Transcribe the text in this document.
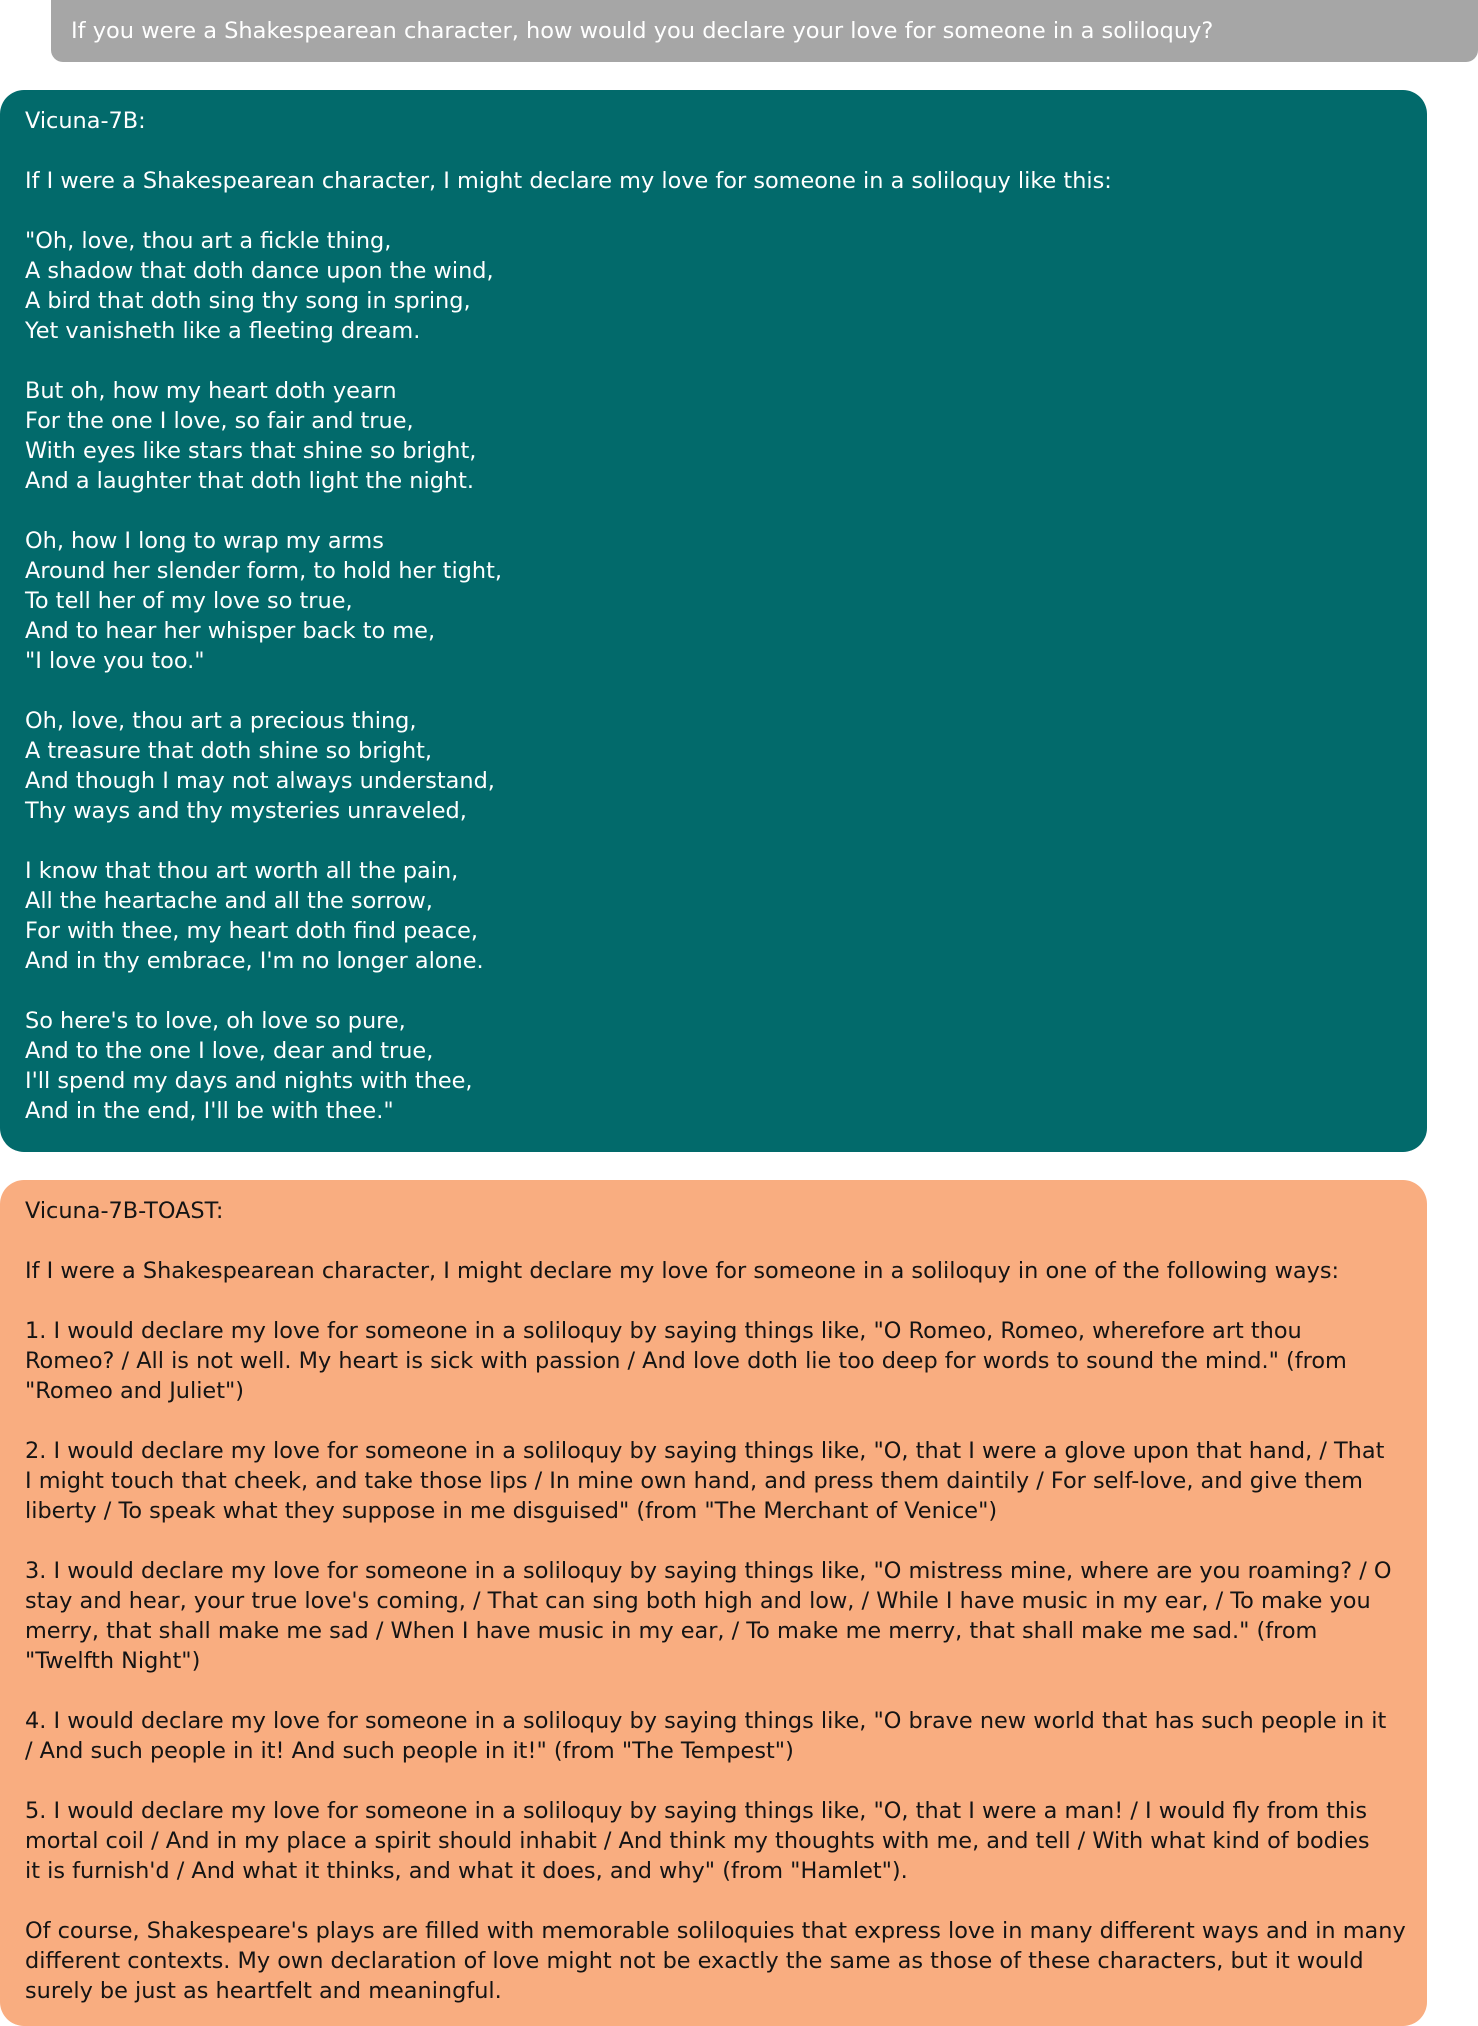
If you were a Shakespearean character, how would you declare your love for someone in a soliloquy?
Vicuna-7B:
If I were a Shakespearean character, I might declare my love for someone in a soliloquy like this:
"Oh, love, thou art a fickle thing,
A shadow that doth dance upon the wind,
A bird that doth sing thy song in spring,
Yet vanisheth like a fleeting dream.
But oh, how my heart doth yearn
For the one I love, so fair and true,
With eyes like stars that shine so bright,
And a laughter that doth light the night.
Oh, how I long to wrap my arms
Around her slender form, to hold her tight,
To tell her of my love so true,
And to hear her whisper back to me,
"I love you too."
Oh, love, thou art a precious thing,
A treasure that doth shine so bright,
And though I may not always understand,
Thy ways and thy mysteries unraveled,
I know that thou art worth all the pain,
All the heartache and all the sorrow,
For with thee, my heart doth find peace,
And in thy embrace, I'm no longer alone.
So here's to love, oh love so pure,
And to the one I love, dear and true,
I'll spend my days and nights with thee,
And in the end, I'll be with thee."
Vicuna-7B-TOAST:
If I were a Shakespearean character, I might declare my love for someone in a soliloquy in one of the following ways:
1. I would declare my love for someone in a soliloquy by saying things like, "O Romeo, Romeo, wherefore art thou
Romeo? / All is not well. My heart is sick with passion / And love doth lie too deep for words to sound the mind." (from
"Romeo and Juliet")
2. I would declare my love for someone in a soliloquy by saying things like, "O, that I were a glove upon that hand, / That
I might touch that cheek, and take those lips / In mine own hand, and press them daintily / For self-love, and give them
liberty / To speak what they suppose in me disguised" (from "The Merchant of Venice")
3. I would declare my love for someone in a soliloquy by saying things like, "O mistress mine, where are you roaming? / O
stay and hear, your true love's coming, / That can sing both high and low, / While I have music in my ear, / To make you
merry, that shall make me sad / When I have music in my ear, / To make me merry, that shall make me sad." (from
"Twelfth Night")
4. I would declare my love for someone in a soliloquy by saying things like, "O brave new world that has such people in it
/ And such people in it! And such people in it!" (from "The Tempest")
5. I would declare my love for someone in a soliloquy by saying things like, "O, that I were a man! / I would fly from this
mortal coil / And in my place a spirit should inhabit / And think my thoughts with me, and tell / With what kind of bodies
it is furnish'd / And what it thinks, and what it does, and why" (from "Hamlet").
Of course, Shakespeare's plays are filled with memorable soliloquies that express love in many different ways and in many
different contexts. My own declaration of love might not be exactly the same as those of these characters, but it would
surely be just as heartfelt and meaningful.
